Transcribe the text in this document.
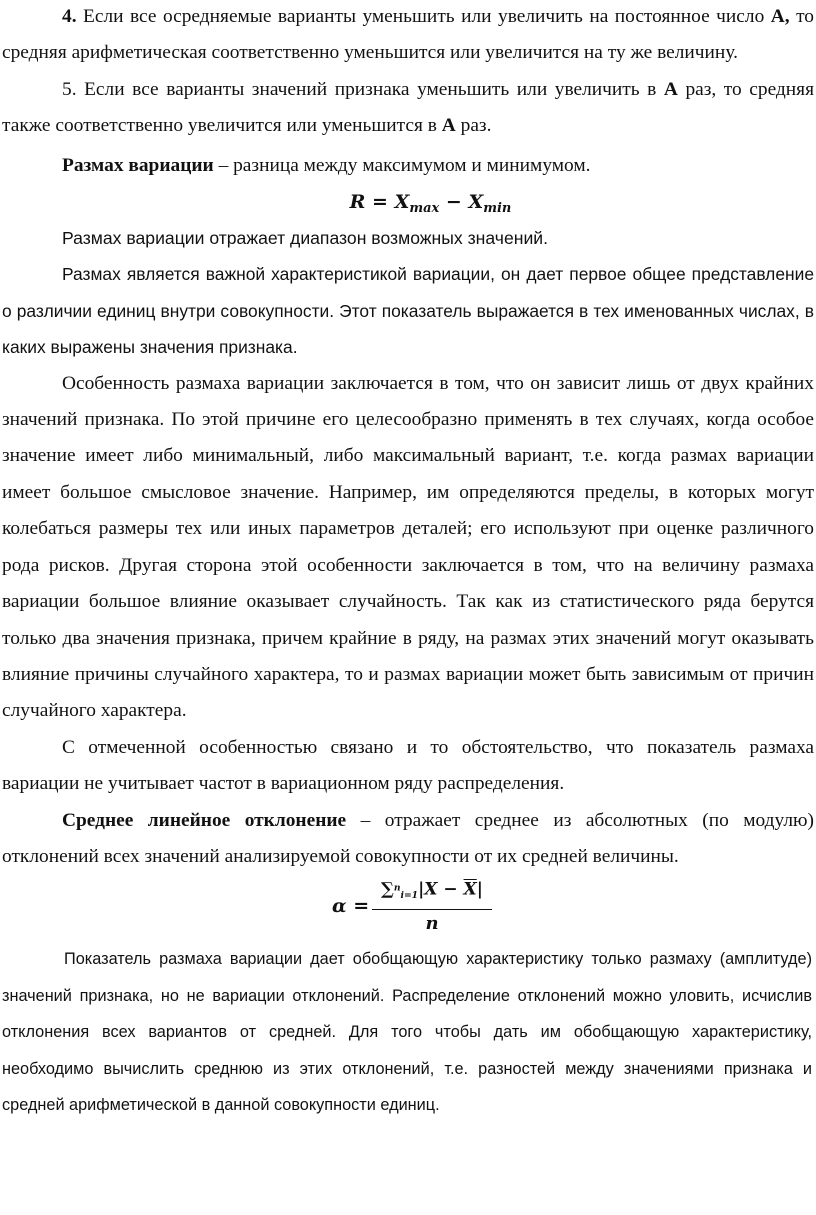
4. Если все осредняемые варианты уменьшить или увеличить на постоянное число А, то средняя арифметическая соответственно уменьшится или увеличится на ту же величину.

5. Если все варианты значений признака уменьшить или увеличить в А раз, то средняя также соответственно увеличится или уменьшится в А раз.

Размах вариации – разница между максимумом и минимумом.

$R = X_{max} - X_{min}$

Размах вариации отражает диапазон возможных значений.

Размах является важной характеристикой вариации, он дает первое общее представление о различии единиц внутри совокупности. Этот показатель выражается в тех именованных числах, в каких выражены значения признака.

Особенность размаха вариации заключается в том, что он зависит лишь от двух крайних значений признака. По этой причине его целесообразно применять в тех случаях, когда особое значение имеет либо минимальный, либо максимальный вариант, т.е. когда размах вариации имеет большое смысловое значение. Например, им определяются пределы, в которых могут колебаться размеры тех или иных параметров деталей; его используют при оценке различного рода рисков. Другая сторона этой особенности заключается в том, что на величину размаха вариации большое влияние оказывает случайность. Так как из статистического ряда берутся только два значения признака, причем крайние в ряду, на размах этих значений могут оказывать влияние причины случайного характера, то и размах вариации может быть зависимым от причин случайного характера.

С отмеченной особенностью связано и то обстоятельство, что показатель размаха вариации не учитывает частот в вариационном ряду распределения.

Среднее линейное отклонение – отражает среднее из абсолютных (по модулю) отклонений всех значений анализируемой совокупности от их средней величины.

$\alpha = \frac{\sum^n_{i=1}|X - \overline{X}|}{n}$

Показатель размаха вариации дает обобщающую характеристику только размаху (амплитуде) значений признака, но не вариации отклонений. Распределение отклонений можно уловить, исчислив отклонения всех вариантов от средней. Для того чтобы дать им обобщающую характеристику, необходимо вычислить среднюю из этих отклонений, т.е. разностей между значениями признака и средней арифметической в данной совокупности единиц.
